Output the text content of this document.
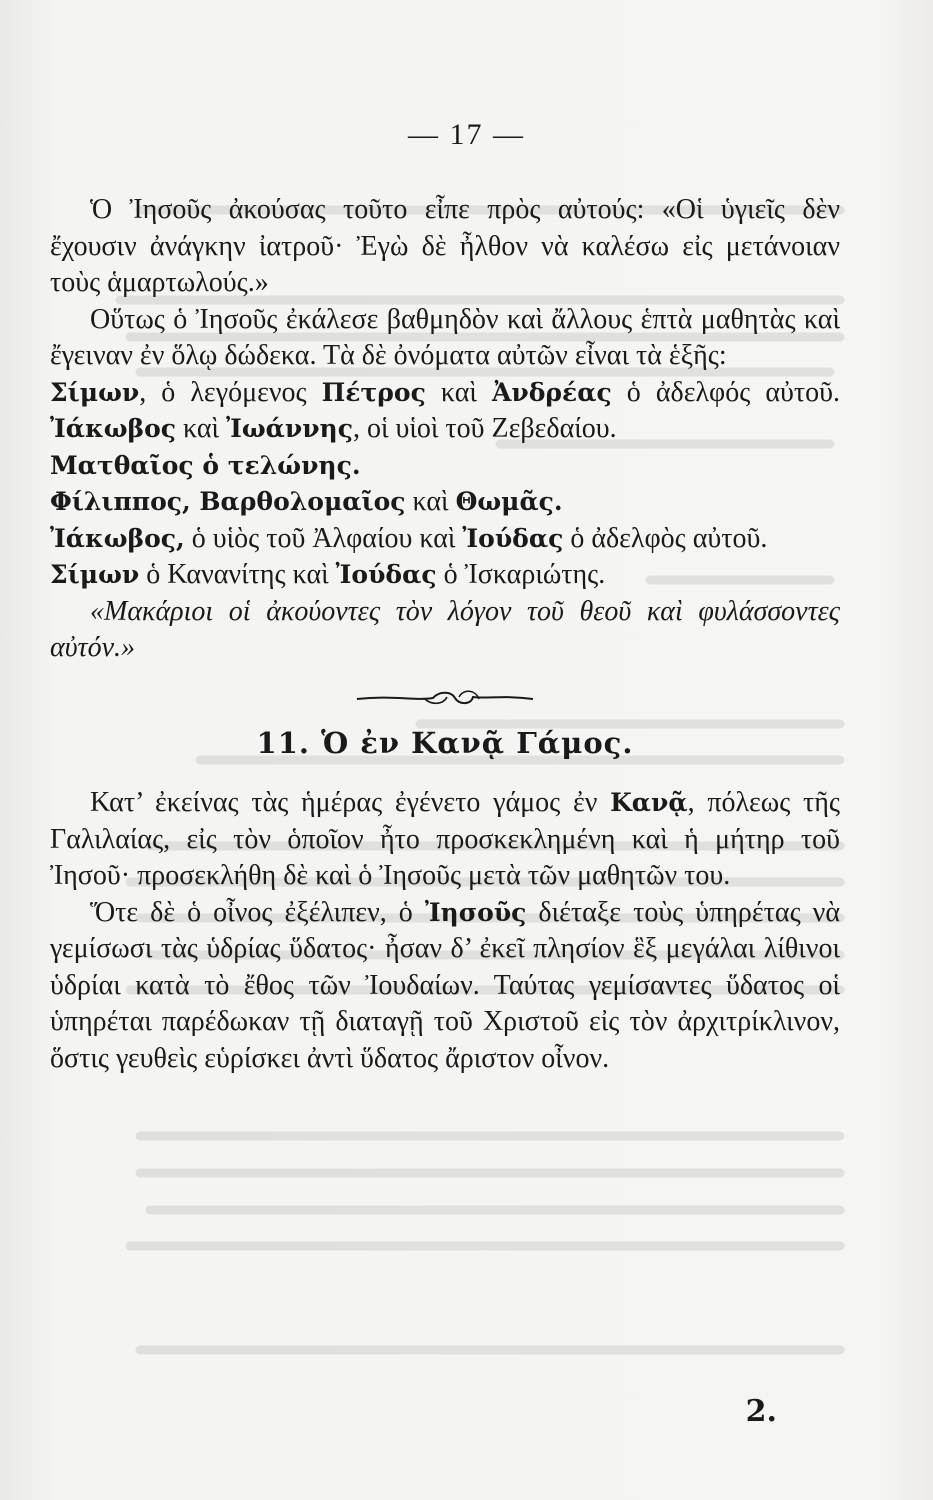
— 17 —

Ὁ Ἰησοῦς ἀκούσας τοῦτο εἶπε πρὸς αὐτούς: «Οἱ ὑγιεῖς δὲν ἔχουσιν ἀνάγκην ἰατροῦ· Ἐγὼ δὲ ἦλθον νὰ καλέσω εἰς μετάνοιαν τοὺς ἁμαρτωλούς.»

Οὕτως ὁ Ἰησοῦς ἐκάλεσε βαθμηδὸν καὶ ἄλλους ἑπτὰ μαθητὰς καὶ ἔγειναν ἐν ὅλῳ δώδεκα. Τὰ δὲ ὀνόματα αὐτῶν εἶναι τὰ ἑξῆς:

Σίμων, ὁ λεγόμενος Πέτρος καὶ Ἀνδρέας ὁ ἀδελφός αὐτοῦ. Ἰάκωβος καὶ Ἰωάννης, οἱ υἱοὶ τοῦ Ζεβεδαίου.

Ματθαῖος ὁ τελώνης.

Φίλιππος, Βαρθολομαῖος καὶ Θωμᾶς.

Ἰάκωβος, ὁ υἱὸς τοῦ Ἀλφαίου καὶ Ἰούδας ὁ ἀδελφὸς αὐτοῦ.

Σίμων ὁ Κανανίτης καὶ Ἰούδας ὁ Ἰσκαριώτης.

«Μακάριοι οἱ ἀκούοντες τὸν λόγον τοῦ θεοῦ καὶ φυλάσσοντες αὐτόν.»

11. Ὁ ἐν Κανᾷ Γάμος.

Κατ’ ἐκείνας τὰς ἡμέρας ἐγένετο γάμος ἐν Κανᾷ, πόλεως τῆς Γαλιλαίας, εἰς τὸν ὁποῖον ἦτο προσκεκλημένη καὶ ἡ μήτηρ τοῦ Ἰησοῦ· προσεκλήθη δὲ καὶ ὁ Ἰησοῦς μετὰ τῶν μαθητῶν του.

Ὅτε δὲ ὁ οἶνος ἐξέλιπεν, ὁ Ἰησοῦς διέταξε τοὺς ὑπηρέτας νὰ γεμίσωσι τὰς ὑδρίας ὕδατος· ἦσαν δ’ ἐκεῖ πλησίον ἓξ μεγάλαι λίθινοι ὑδρίαι κατὰ τὸ ἔθος τῶν Ἰουδαίων. Ταύτας γεμίσαντες ὕδατος οἱ ὑπηρέται παρέδωκαν τῇ διαταγῇ τοῦ Χριστοῦ εἰς τὸν ἀρχιτρίκλινον, ὅστις γευθεὶς εὑρίσκει ἀντὶ ὕδατος ἄριστον οἶνον.

2.
